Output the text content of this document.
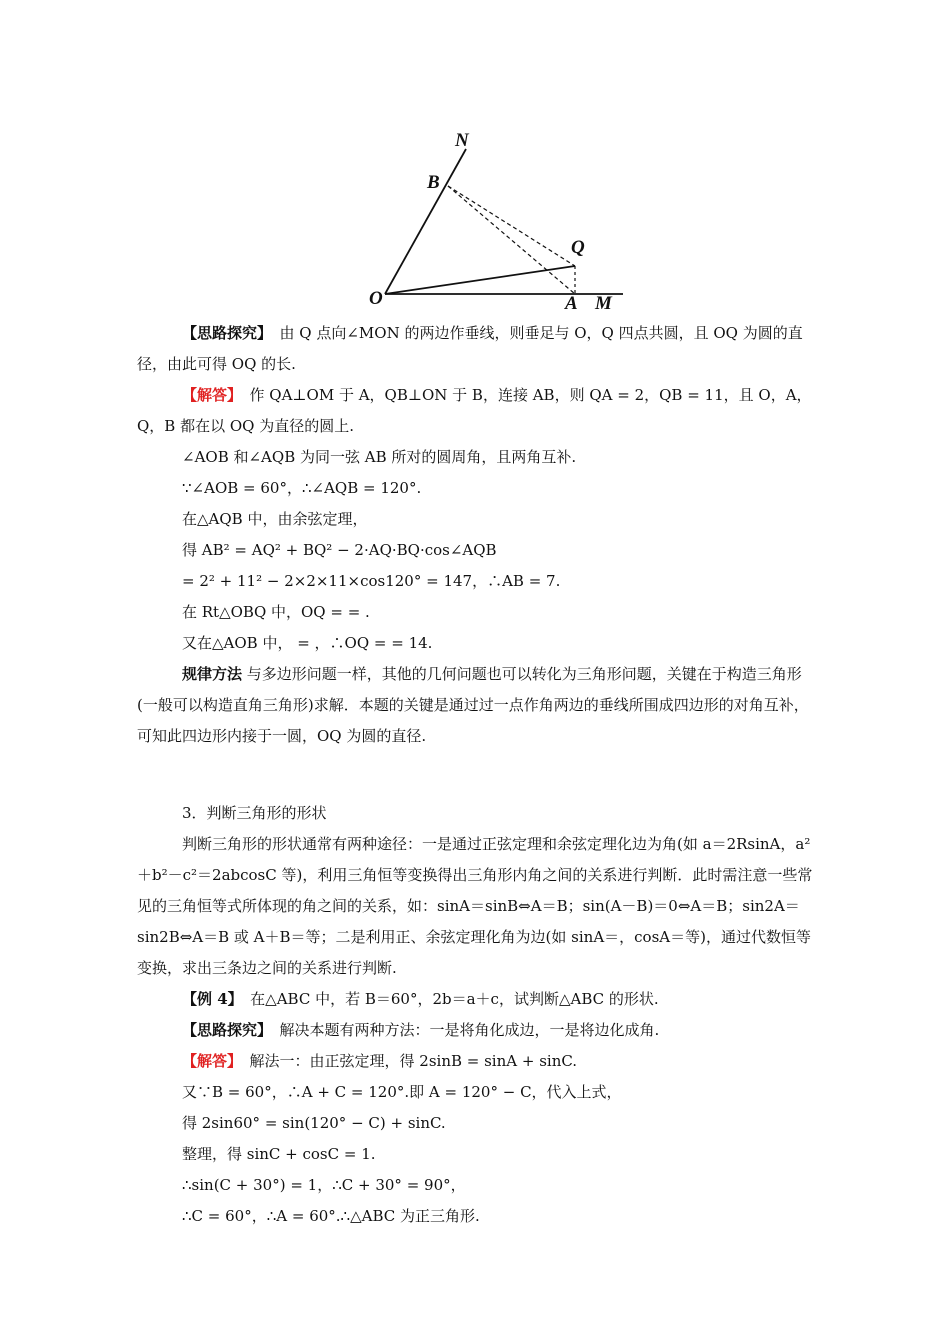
N
B
Q
O	A M

【思路探究】　由 Q 点向∠MON 的两边作垂线，则垂足与 O，Q 四点共圆，且 OQ 为圆的直径，由此可得 OQ 的长.

【解答】　作 QA⊥OM 于 A，QB⊥ON 于 B，连接 AB，则 QA = 2，QB = 11，且 O，A，Q，B 都在以 OQ 为直径的圆上.

∠AOB 和∠AQB 为同一弦 AB 所对的圆周角，且两角互补.

∵∠AOB = 60°，∴∠AQB = 120°.

在△AQB 中，由余弦定理，

得 AB² = AQ² + BQ² − 2·AQ·BQ·cos∠AQB

= 2² + 11² − 2×2×11×cos120° = 147，∴AB = 7.

在 Rt△OBQ 中，OQ = = .

又在△AOB 中， = ，∴OQ = = 14.

规律方法 与多边形问题一样，其他的几何问题也可以转化为三角形问题，关键在于构造三角形(一般可以构造直角三角形)求解．本题的关键是通过过一点作角两边的垂线所围成四边形的对角互补，可知此四边形内接于一圆，OQ 为圆的直径.

3．判断三角形的形状

判断三角形的形状通常有两种途径：一是通过正弦定理和余弦定理化边为角(如 a＝2RsinA，a²＋b²－c²＝2abcosC 等)，利用三角恒等变换得出三角形内角之间的关系进行判断．此时需注意一些常见的三角恒等式所体现的角之间的关系，如：sinA＝sinB⇔A＝B；sin(A－B)＝0⇔A＝B；sin2A＝sin2B⇔A＝B 或 A＋B＝等；二是利用正、余弦定理化角为边(如 sinA＝，cosA＝等)，通过代数恒等变换，求出三条边之间的关系进行判断.

【例 4】　在△ABC 中，若 B＝60°，2b＝a＋c，试判断△ABC 的形状.

【思路探究】　解决本题有两种方法：一是将角化成边，一是将边化成角.

【解答】　解法一：由正弦定理，得 2sinB = sinA + sinC.

又∵B = 60°，∴A + C = 120°.即 A = 120° − C，代入上式，

得 2sin60° = sin(120° − C) + sinC.

整理，得 sinC + cosC = 1.

∴sin(C + 30°) = 1，∴C + 30° = 90°，

∴C = 60°，∴A = 60°.∴△ABC 为正三角形.
